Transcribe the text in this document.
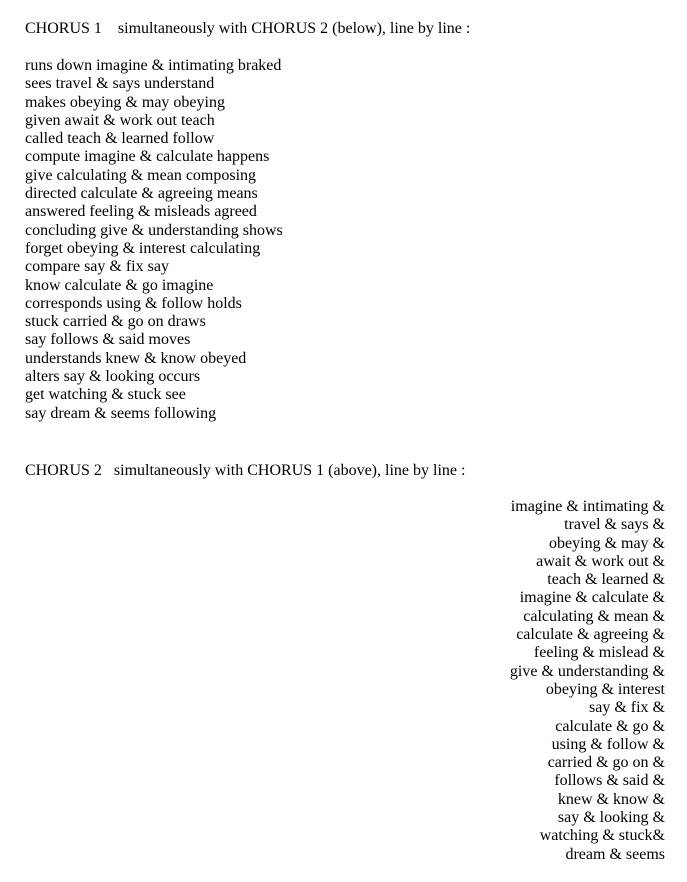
CHORUS 1    simultaneously with CHORUS 2 (below), line by line :
runs down imagine & intimating braked
sees travel & says understand
makes obeying & may obeying
given await & work out teach
called teach & learned follow
compute imagine & calculate happens
give calculating & mean composing
directed calculate & agreeing means
answered feeling & misleads agreed
concluding give & understanding shows
forget obeying & interest calculating
compare say & fix say
know calculate & go imagine
corresponds using & follow holds
stuck carried & go on draws
say follows & said moves
understands knew & know obeyed
alters say & looking occurs
get watching & stuck see
say dream & seems following
CHORUS 2   simultaneously with CHORUS 1 (above), line by line :
imagine & intimating &
travel & says &
obeying & may &
await & work out &
teach & learned &
imagine & calculate &
calculating & mean &
calculate & agreeing &
feeling & mislead &
give & understanding &
obeying & interest
say & fix &
calculate & go &
using & follow &
carried & go on &
follows & said &
knew & know &
say & looking &
watching & stuck&
dream & seems
